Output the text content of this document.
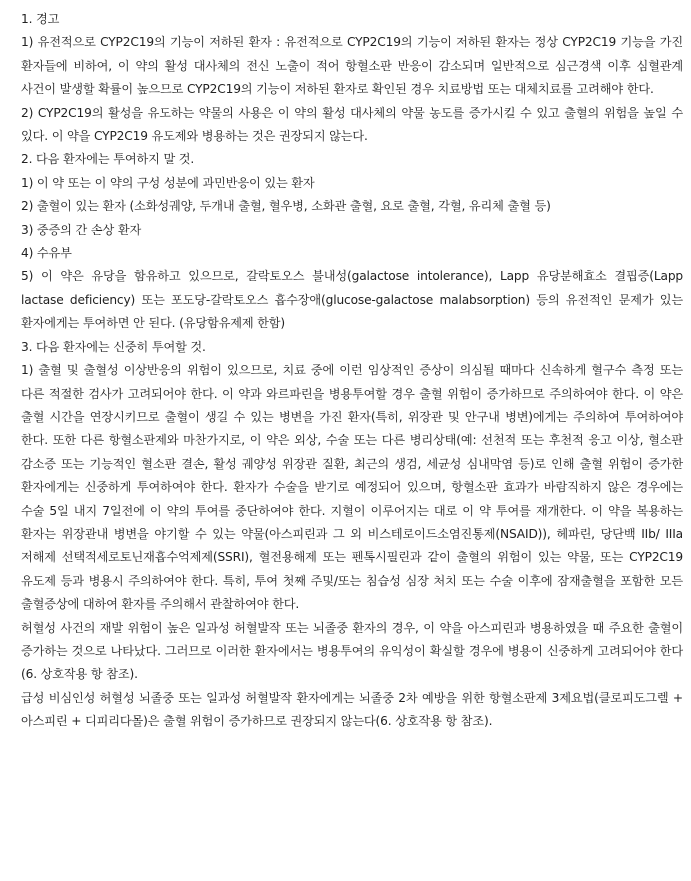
1. 경고

1) 유전적으로 CYP2C19의 기능이 저하된 환자 : 유전적으로 CYP2C19의 기능이 저하된 환자는 정상 CYP2C19 기능을 가진 환자들에 비하여, 이 약의 활성 대사체의 전신 노출이 적어 항혈소판 반응이 감소되며 일반적으로 심근경색 이후 심혈관계 사건이 발생할 확률이 높으므로 CYP2C19의 기능이 저하된 환자로 확인된 경우 치료방법 또는 대체치료를 고려해야 한다.

2) CYP2C19의 활성을 유도하는 약물의 사용은 이 약의 활성 대사체의 약물 농도를 증가시킬 수 있고 출혈의 위험을 높일 수 있다. 이 약을 CYP2C19 유도제와 병용하는 것은 권장되지 않는다.

2. 다음 환자에는 투여하지 말 것.

1) 이 약 또는 이 약의 구성 성분에 과민반응이 있는 환자

2) 출혈이 있는 환자 (소화성궤양, 두개내 출혈, 혈우병, 소화관 출혈, 요로 출혈, 각혈, 유리체 출혈 등)

3) 중증의 간 손상 환자

4) 수유부

5) 이 약은 유당을 함유하고 있으므로, 갈락토오스 불내성(galactose intolerance), Lapp 유당분해효소 결핍증(Lapp lactase deficiency) 또는 포도당-갈락토오스 흡수장애(glucose-galactose malabsorption) 등의 유전적인 문제가 있는 환자에게는 투여하면 안 된다. (유당함유제제 한함)

3. 다음 환자에는 신중히 투여할 것.

1) 출혈 및 출혈성 이상반응의 위험이 있으므로, 치료 중에 이런 임상적인 증상이 의심될 때마다 신속하게 혈구수 측정 또는 다른 적절한 검사가 고려되어야 한다. 이 약과 와르파린을 병용투여할 경우 출혈 위험이 증가하므로 주의하여야 한다. 이 약은 출혈 시간을 연장시키므로 출혈이 생길 수 있는 병변을 가진 환자(특히, 위장관 및 안구내 병변)에게는 주의하여 투여하여야 한다. 또한 다른 항혈소판제와 마찬가지로, 이 약은 외상, 수술 또는 다른 병리상태(예: 선천적 또는 후천적 응고 이상, 혈소판 감소증 또는 기능적인 혈소판 결손, 활성 궤양성 위장관 질환, 최근의 생검, 세균성 심내막염 등)로 인해 출혈 위험이 증가한 환자에게는 신중하게 투여하여야 한다. 환자가 수술을 받기로 예정되어 있으며, 항혈소판 효과가 바람직하지 않은 경우에는 수술 5일 내지 7일전에 이 약의 투여를 중단하여야 한다. 지혈이 이루어지는 대로 이 약 투여를 재개한다. 이 약을 복용하는 환자는 위장관내 병변을 야기할 수 있는 약물(아스피린과 그 외 비스테로이드소염진통제(NSAID)), 헤파린, 당단백 IIb/ IIIa 저해제 선택적세로토닌재흡수억제제(SSRI), 혈전용해제 또는 펜톡시필린과 같이 출혈의 위험이 있는 약물, 또는 CYP2C19 유도제 등과 병용시 주의하여야 한다. 특히, 투여 첫째 주및/또는 침습성 심장 처치 또는 수술 이후에 잠재출혈을 포함한 모든 출혈증상에 대하여 환자를 주의해서 관찰하여야 한다.

허혈성 사건의 재발 위험이 높은 일과성 허혈발작 또는 뇌졸중 환자의 경우, 이 약을 아스피린과 병용하였을 때 주요한 출혈이 증가하는 것으로 나타났다. 그러므로 이러한 환자에서는 병용투여의 유익성이 확실할 경우에 병용이 신중하게 고려되어야 한다(6. 상호작용 항 참조).

급성 비심인성 허혈성 뇌졸중 또는 일과성 허혈발작 환자에게는 뇌졸중 2차 예방을 위한 항혈소판제 3제요법(클로피도그렐 + 아스피린 + 디피리다몰)은 출혈 위험이 증가하므로 권장되지 않는다(6. 상호작용 항 참조).
